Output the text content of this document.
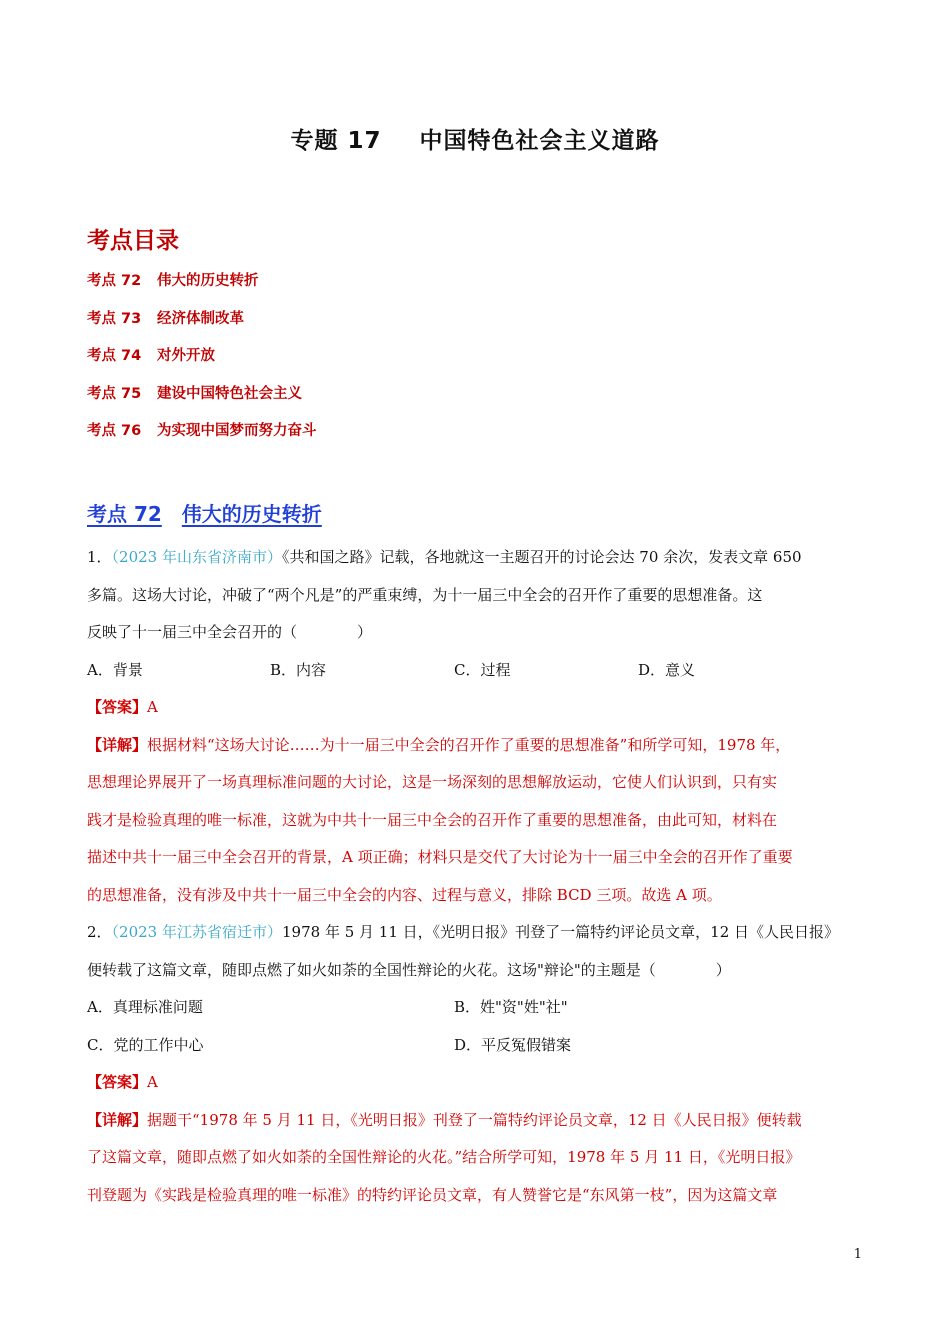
专题 17 中国特色社会主义道路
考点目录
考点 72 伟大的历史转折
考点 73 经济体制改革
考点 74 对外开放
考点 75 建设中国特色社会主义
考点 76 为实现中国梦而努力奋斗
考点 72 伟大的历史转折
1．（2023 年山东省济南市）《共和国之路》记载，各地就这一主题召开的讨论会达 70 余次，发表文章 650
多篇。这场大讨论，冲破了“两个凡是”的严重束缚，为十一届三中全会的召开作了重要的思想准备。这
反映了十一届三中全会召开的（　　　　）
A．背景	B．内容	C．过程	D．意义
【答案】A
【详解】根据材料“这场大讨论……为十一届三中全会的召开作了重要的思想准备”和所学可知，1978 年，
思想理论界展开了一场真理标准问题的大讨论，这是一场深刻的思想解放运动，它使人们认识到，只有实
践才是检验真理的唯一标准，这就为中共十一届三中全会的召开作了重要的思想准备，由此可知，材料在
描述中共十一届三中全会召开的背景，A 项正确；材料只是交代了大讨论为十一届三中全会的召开作了重要
的思想准备，没有涉及中共十一届三中全会的内容、过程与意义，排除 BCD 三项。故选 A 项。
2．（2023 年江苏省宿迁市）1978 年 5 月 11 日，《光明日报》刊登了一篇特约评论员文章，12 日《人民日报》
便转载了这篇文章，随即点燃了如火如荼的全国性辩论的火花。这场"辩论"的主题是（　　　　）
A．真理标准问题	B．姓"资"姓"社"
C．党的工作中心	D．平反冤假错案
【答案】A
【详解】据题干“1978 年 5 月 11 日，《光明日报》刊登了一篇特约评论员文章，12 日《人民日报》便转载
了这篇文章，随即点燃了如火如荼的全国性辩论的火花。”结合所学可知，1978 年 5 月 11 日，《光明日报》
刊登题为《实践是检验真理的唯一标准》的特约评论员文章，有人赞誉它是“东风第一枝”，因为这篇文章
1
